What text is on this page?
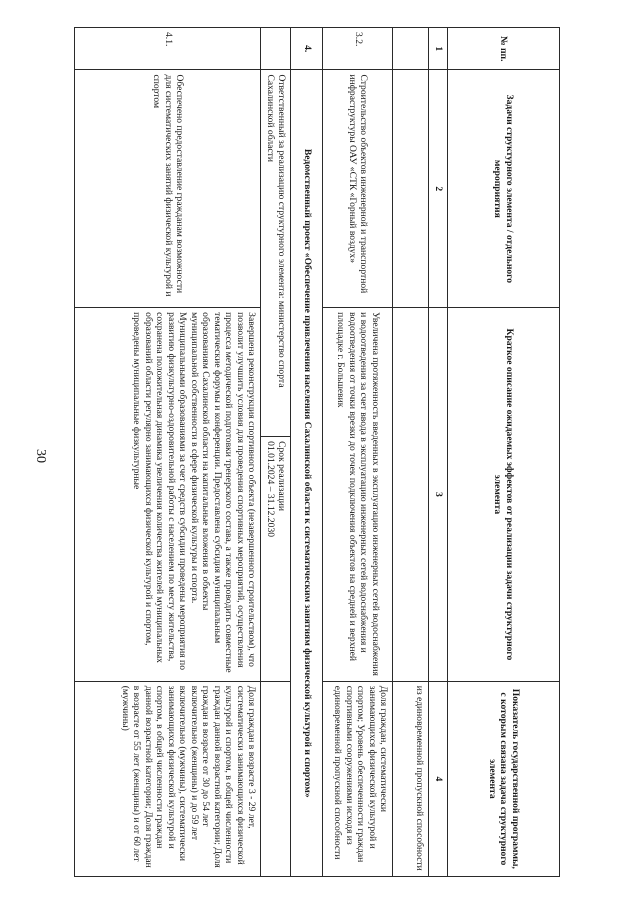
30
№ пп.	Задачи структурного элемента / отдельного мероприятия	Краткое описание ожидаемых эффектов от реализации задачи структурного элемента	Показатель государственной программы, с которым связана задача структурного элемента
1	2	3	4
			из единовременной пропускной способности
3.2.	Строительство объектов инженерной и транспортной инфраструктуры ОАУ «СТК «Горный воздух»	Увеличена протяженность введенных в эксплуатацию инженерных сетей водоснабжения и водоотведения за счет ввода в эксплуатацию инженерных сетей водоснабжения и водоотведения от точки врезки до точек подключения объектов на средней и верхней площадке г. Большевик	Доля граждан, систематически занимающихся физической культурой и спортом; Уровень обеспеченности граждан спортивными сооружениями исходя из единовременной пропускной способности
4.	Ведомственный проект «Обеспечение привлечения населения Сахалинской области к систематическим занятиям физической культурой и спортом»

Ответственный за реализацию структурного элемента: министерство спорта Сахалинской области	
Срок реализации
01.01.2024 – 31.12.2030

4.1.	Обеспечено предоставление гражданам возможности для систематических занятий физической культурой и спортом	Завершена реконструкция спортивного объекта (незавершенного строительством), что позволит улучшить условия для проведения спортивных мероприятий, осуществления процесса методической подготовки тренерского состава, а также проводить совместные тематические форумы и конференции. Предоставлена субсидия муниципальным образованиям Сахалинской области на капитальные вложения в объекты муниципальной собственности в сфере физической культуры и спорта. Муниципальными образованиями за счет средств субсидии проведены мероприятия по развитию физкультурно-оздоровительной работы с населением по месту жительства, сохранена положительная динамика увеличения количества жителей муниципальных образований области регулярно занимающихся физической культурой и спортом, проведены муниципальные физкультурные	Доля граждан в возрасте 3 - 29 лет, систематически занимающихся физической культурой и спортом, в общей численности граждан данной возрастной категории; Доля граждан в возрасте от 30 до 54 лет включительно (женщины) и до 59 лет включительно (мужчины), систематически занимающихся физической культурой и спортом, в общей численности граждан данной возрастной категории; Доля граждан в возрасте от 55 лет (женщины) и от 60 лет (мужчины)
